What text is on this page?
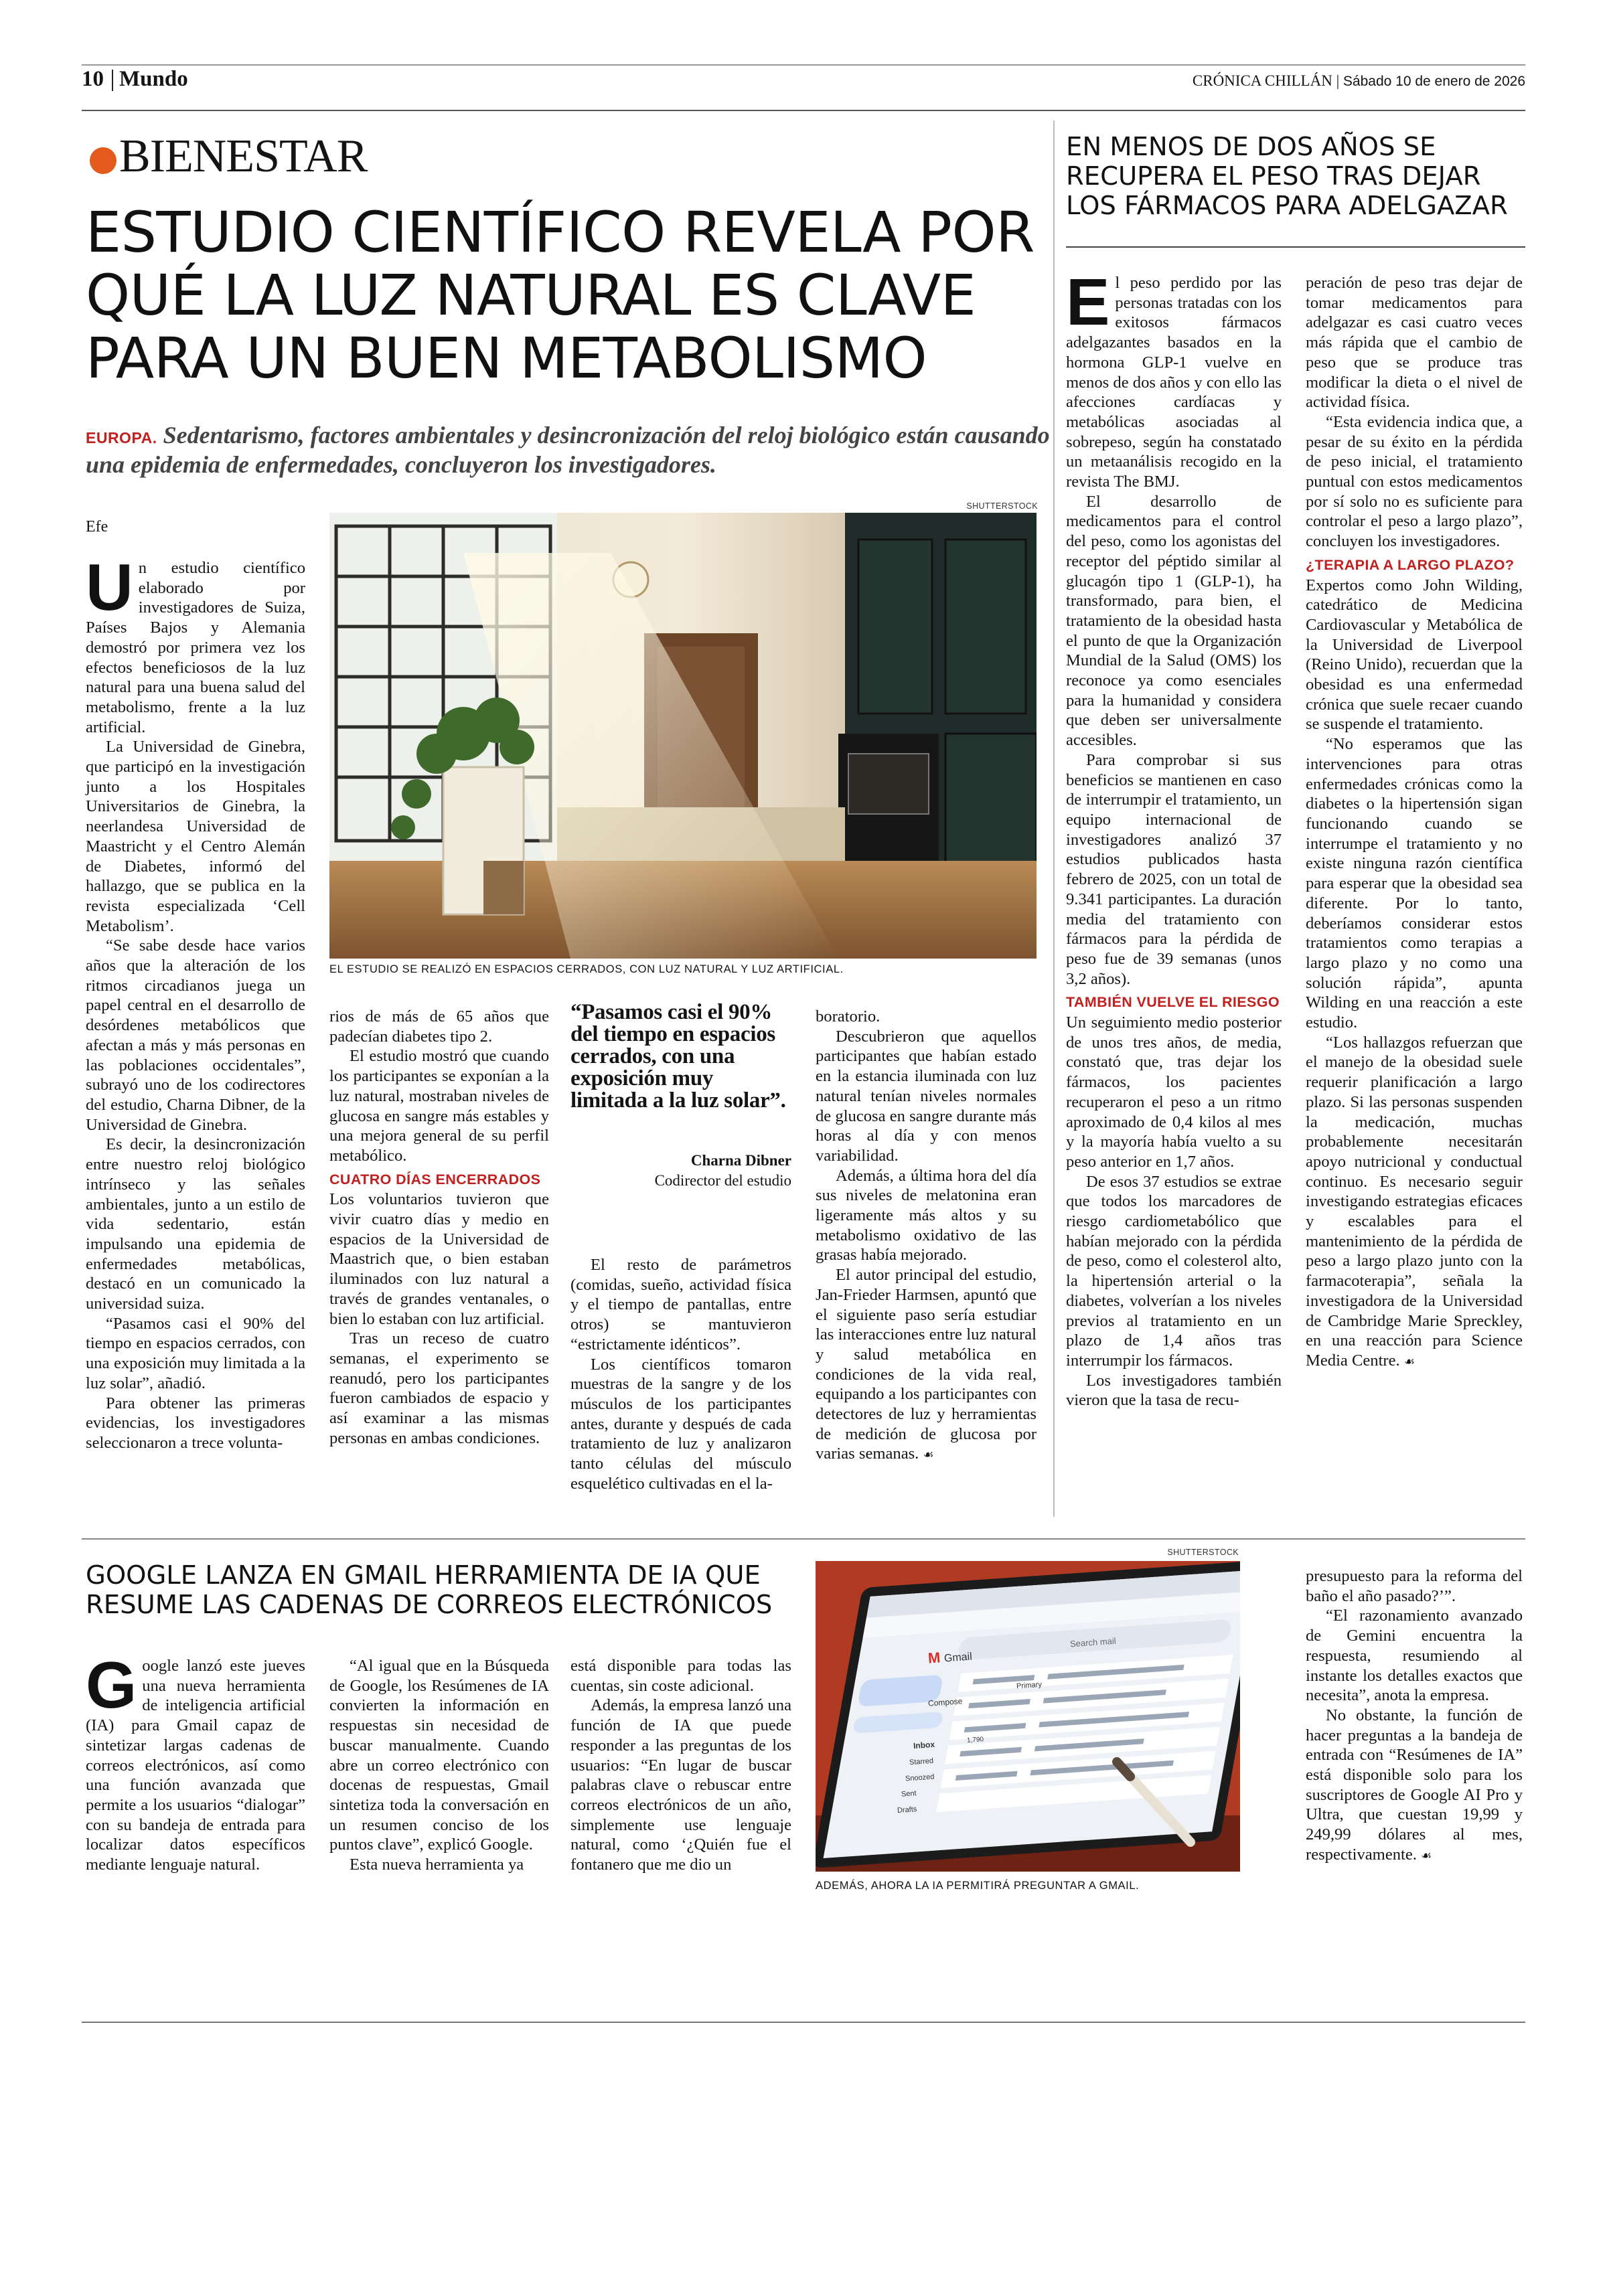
10 Mundo	CRÓNICA CHILLÁN | Sábado 10 de enero de 2026
BIENESTAR
ESTUDIO CIENTÍFICO REVELA POR QUÉ LA LUZ NATURAL ES CLAVE PARA UN BUEN METABOLISMO
EUROPA. Sedentarismo, factores ambientales y desincronización del reloj biológico están causando una epidemia de enfermedades, concluyeron los investigadores.
Efe
SHUTTERSTOCK
EL ESTUDIO SE REALIZÓ EN ESPACIOS CERRADOS, CON LUZ NATURAL Y LUZ ARTIFICIAL.

Un estudio científico elaborado por investigadores de Suiza, Países Bajos y Alemania demostró por primera vez los efectos beneficiosos de la luz natural para una buena salud del metabolismo, frente a la luz artificial.

La Universidad de Ginebra, que participó en la investigación junto a los Hospitales Universitarios de Ginebra, la neerlandesa Universidad de Maastricht y el Centro Alemán de Diabetes, informó del hallazgo, que se publica en la revista especializada ‘Cell Metabolism’.

“Se sabe desde hace varios años que la alteración de los ritmos circadianos juega un papel central en el desarrollo de desórdenes metabólicos que afectan a más y más personas en las poblaciones occidentales”, subrayó uno de los codirectores del estudio, Charna Dibner, de la Universidad de Ginebra.

Es decir, la desincronización entre nuestro reloj biológico intrínseco y las señales ambientales, junto a un estilo de vida sedentario, están impulsando una epidemia de enfermedades metabólicas, destacó en un comunicado la universidad suiza.

“Pasamos casi el 90% del tiempo en espacios cerrados, con una exposición muy limitada a la luz solar”, añadió.

Para obtener las primeras evidencias, los investigadores seleccionaron a trece volunta-

rios de más de 65 años que padecían diabetes tipo 2.

El estudio mostró que cuando los participantes se exponían a la luz natural, mostraban niveles de glucosa en sangre más estables y una mejora general de su perfil metabólico.

CUATRO DÍAS ENCERRADOS

Los voluntarios tuvieron que vivir cuatro días y medio en espacios de la Universidad de Maastrich que, o bien estaban iluminados con luz natural a través de grandes ventanales, o bien lo estaban con luz artificial.

Tras un receso de cuatro semanas, el experimento se reanudó, pero los participantes fueron cambiados de espacio y así examinar a las mismas personas en ambas condiciones.

“Pasamos casi el 90% del tiempo en espacios cerrados, con una exposición muy limitada a la luz solar”.
Charna Dibner
Codirector del estudio

El resto de parámetros (comidas, sueño, actividad física y el tiempo de pantallas, entre otros) se mantuvieron “estrictamente idénticos”.

Los científicos tomaron muestras de la sangre y de los músculos de los participantes antes, durante y después de cada tratamiento de luz y analizaron tanto células del músculo esquelético cultivadas en el la-

boratorio.

Descubrieron que aquellos participantes que habían estado en la estancia iluminada con luz natural tenían niveles normales de glucosa en sangre durante más horas al día y con menos variabilidad.

Además, a última hora del día sus niveles de melatonina eran ligeramente más altos y su metabolismo oxidativo de las grasas había mejorado.

El autor principal del estudio, Jan-Frieder Harmsen, apuntó que el siguiente paso sería estudiar las interacciones entre luz natural y salud metabólica en condiciones de la vida real, equipando a los participantes con detectores de luz y herramientas de medición de glucosa por varias semanas. ☙

EN MENOS DE DOS AÑOS SE RECUPERA EL PESO TRAS DEJAR LOS FÁRMACOS PARA ADELGAZAR

El peso perdido por las personas tratadas con los exitosos fármacos adelgazantes basados en la hormona GLP-1 vuelve en menos de dos años y con ello las afecciones cardíacas y metabólicas asociadas al sobrepeso, según ha constatado un metaanálisis recogido en la revista The BMJ.

El desarrollo de medicamentos para el control del peso, como los agonistas del receptor del péptido similar al glucagón tipo 1 (GLP-1), ha transformado, para bien, el tratamiento de la obesidad hasta el punto de que la Organización Mundial de la Salud (OMS) los reconoce ya como esenciales para la humanidad y considera que deben ser universalmente accesibles.

Para comprobar si sus beneficios se mantienen en caso de interrumpir el tratamiento, un equipo internacional de investigadores analizó 37 estudios publicados hasta febrero de 2025, con un total de 9.341 participantes. La duración media del tratamiento con fármacos para la pérdida de peso fue de 39 semanas (unos 3,2 años).

TAMBIÉN VUELVE EL RIESGO

Un seguimiento medio posterior de unos tres años, de media, constató que, tras dejar los fármacos, los pacientes recuperaron el peso a un ritmo aproximado de 0,4 kilos al mes y la mayoría había vuelto a su peso anterior en 1,7 años.

De esos 37 estudios se extrae que todos los marcadores de riesgo cardiometabólico que habían mejorado con la pérdida de peso, como el colesterol alto, la hipertensión arterial o la diabetes, volverían a los niveles previos al tratamiento en un plazo de 1,4 años tras interrumpir los fármacos.

Los investigadores también vieron que la tasa de recu-

peración de peso tras dejar de tomar medicamentos para adelgazar es casi cuatro veces más rápida que el cambio de peso que se produce tras modificar la dieta o el nivel de actividad física.

“Esta evidencia indica que, a pesar de su éxito en la pérdida de peso inicial, el tratamiento puntual con estos medicamentos por sí solo no es suficiente para controlar el peso a largo plazo”, concluyen los investigadores.

¿TERAPIA A LARGO PLAZO?

Expertos como John Wilding, catedrático de Medicina Cardiovascular y Metabólica de la Universidad de Liverpool (Reino Unido), recuerdan que la obesidad es una enfermedad crónica que suele recaer cuando se suspende el tratamiento.

“No esperamos que las intervenciones para otras enfermedades crónicas como la diabetes o la hipertensión sigan funcionando cuando se interrumpe el tratamiento y no existe ninguna razón científica para esperar que la obesidad sea diferente. Por lo tanto, deberíamos considerar estos tratamientos como terapias a largo plazo y no como una solución rápida”, apunta Wilding en una reacción a este estudio.

“Los hallazgos refuerzan que el manejo de la obesidad suele requerir planificación a largo plazo. Si las personas suspenden la medicación, muchas probablemente necesitarán apoyo nutricional y conductual continuo. Es necesario seguir investigando estrategias eficaces y escalables para el mantenimiento de la pérdida de peso a largo plazo junto con la farmacoterapia”, señala la investigadora de la Universidad de Cambridge Marie Spreckley, en una reacción para Science Media Centre. ☙

GOOGLE LANZA EN GMAIL HERRAMIENTA DE IA QUE RESUME LAS CADENAS DE CORREOS ELECTRÓNICOS

Google lanzó este jueves una nueva herramienta de inteligencia artificial (IA) para Gmail capaz de sintetizar largas cadenas de correos electrónicos, así como una función avanzada que permite a los usuarios “dialogar” con su bandeja de entrada para localizar datos específicos mediante lenguaje natural.

“Al igual que en la Búsqueda de Google, los Resúmenes de IA convierten la información en respuestas sin necesidad de buscar manualmente. Cuando abre un correo electrónico con docenas de respuestas, Gmail sintetiza toda la conversación en un resumen conciso de los puntos clave”, explicó Google.

Esta nueva herramienta ya

está disponible para todas las cuentas, sin coste adicional.

Además, la empresa lanzó una función de IA que puede responder a las preguntas de los usuarios: “En lugar de buscar palabras clave o rebuscar entre correos electrónicos de un año, simplemente use lenguaje natural, como ‘¿Quién fue el fontanero que me dio un

SHUTTERSTOCK
M Gmail
Search mail
Compose
Inbox	1,790
Starred
Snoozed
Sent
Drafts
Primary
ADEMÁS, AHORA LA IA PERMITIRÁ PREGUNTAR A GMAIL.

presupuesto para la reforma del baño el año pasado?’”.

“El razonamiento avanzado de Gemini encuentra la respuesta, resumiendo al instante los detalles exactos que necesita”, anota la empresa.

No obstante, la función de hacer preguntas a la bandeja de entrada con “Resúmenes de IA” está disponible solo para los suscriptores de Google AI Pro y Ultra, que cuestan 19,99 y 249,99 dólares al mes, respectivamente. ☙
